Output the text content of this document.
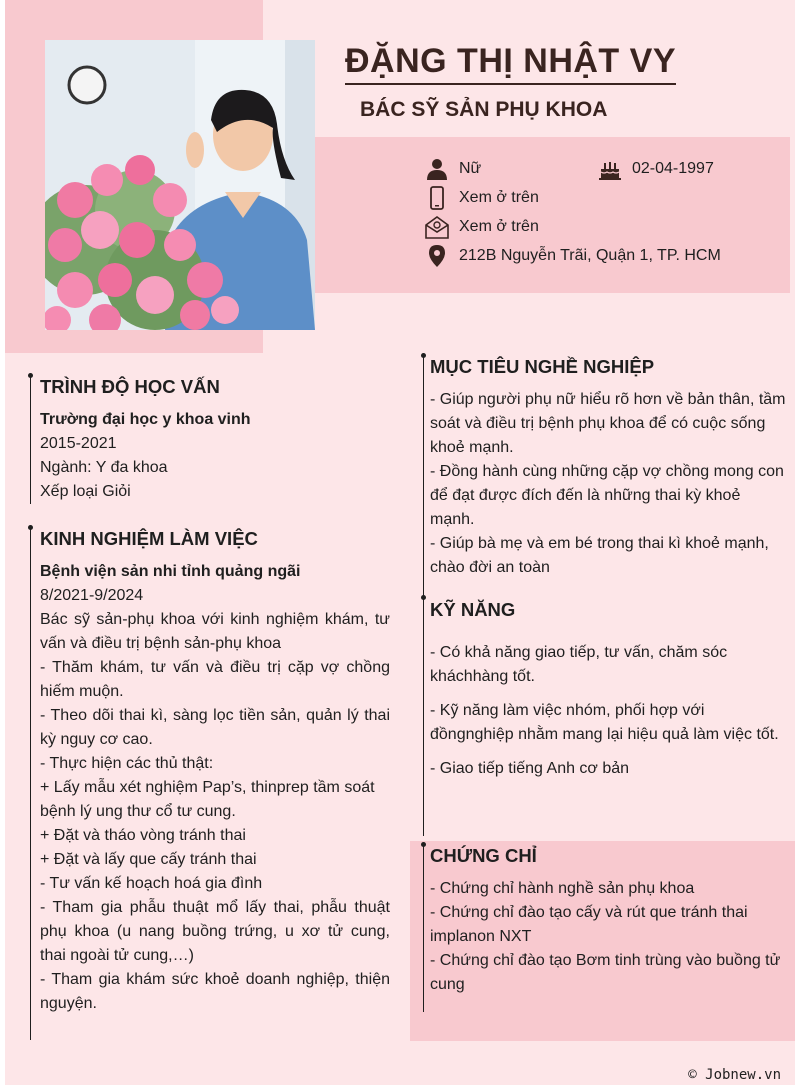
ĐẶNG THỊ NHẬT VY
BÁC SỸ SẢN PHỤ KHOA
Nữ	02-04-1997
Xem ở trên
Xem ở trên
212B Nguyễn Trãi, Quận 1, TP. HCM
TRÌNH ĐỘ HỌC VẤN
Trường đại học y khoa vinh
2015-2021
Ngành: Y đa khoa
Xếp loại Giỏi
KINH NGHIỆM LÀM VIỆC
Bệnh viện sản nhi tỉnh quảng ngãi
8/2021-9/2024
Bác sỹ sản-phụ khoa với kinh nghiệm khám, tư vấn và điều trị bệnh sản-phụ khoa
- Thăm khám, tư vấn và điều trị cặp vợ chồng hiếm muộn.
- Theo dõi thai kì, sàng lọc tiền sản, quản lý thai kỳ nguy cơ cao.
- Thực hiện các thủ thật:
+ Lấy mẫu xét nghiệm Pap’s, thinprep tầm soát
bệnh lý ung thư cổ tư cung.
+ Đặt và tháo vòng tránh thai
+ Đặt và lấy que cấy tránh thai
- Tư vấn kế hoạch hoá gia đình
- Tham gia phẫu thuật mổ lấy thai, phẫu thuật phụ khoa (u nang buồng trứng, u xơ tử cung, thai ngoài tử cung,…)
- Tham gia khám sức khoẻ doanh nghiệp, thiện nguyện.
MỤC TIÊU NGHỀ NGHIỆP
- Giúp người phụ nữ hiểu rõ hơn về bản thân, tầm soát và điều trị bệnh phụ khoa để có cuộc sống khoẻ mạnh.
- Đồng hành cùng những cặp vợ chồng mong con để đạt được đích đến là những thai kỳ khoẻ mạnh.
- Giúp bà mẹ và em bé trong thai kì khoẻ mạnh, chào đời an toàn
KỸ NĂNG
- Có khả năng giao tiếp, tư vấn, chăm sóc kháchhàng tốt.
- Kỹ năng làm việc nhóm, phối hợp với đồngnghiệp nhằm mang lại hiệu quả làm việc tốt.
- Giao tiếp tiếng Anh cơ bản
CHỨNG CHỈ
- Chứng chỉ hành nghề sản phụ khoa
- Chứng chỉ đào tạo cấy và rút que tránh thai implanon NXT
- Chứng chỉ đào tạo Bơm tinh trùng vào buồng tử cung
© Jobnew.vn
